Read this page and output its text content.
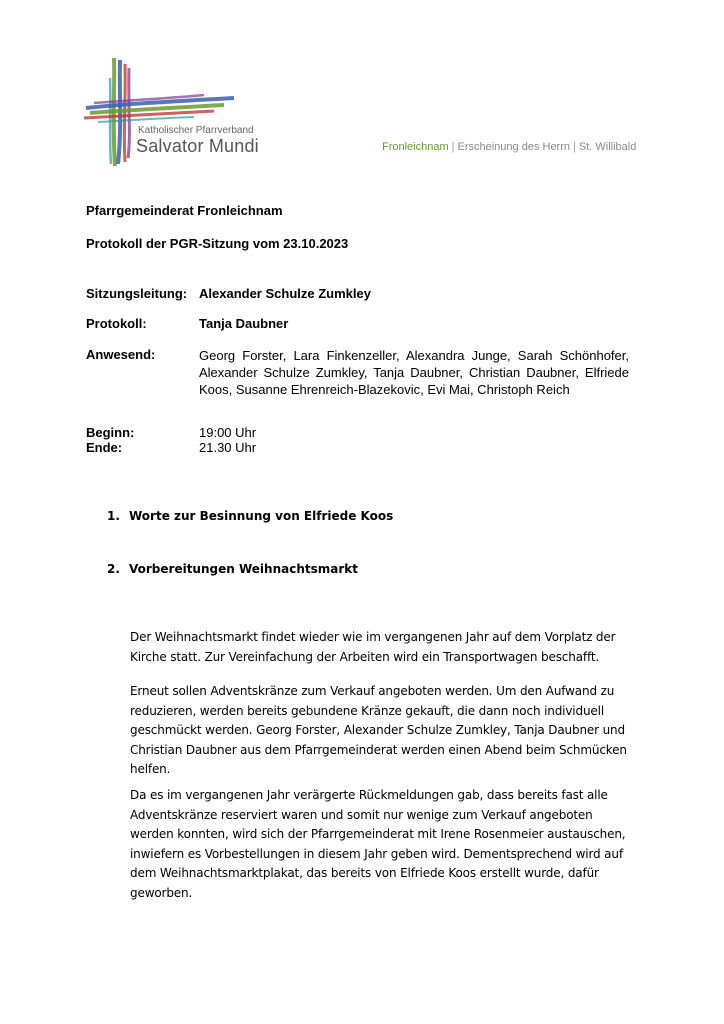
Katholischer Pfarrverband
Salvator Mundi	Fronleichnam | Erscheinung des Herrn | St. Willibald
Pfarrgemeinderat Fronleichnam
Protokoll der PGR-Sitzung vom 23.10.2023
Sitzungsleitung: Alexander Schulze Zumkley
Protokoll:	Tanja Daubner
Anwesend:	Georg Forster, Lara Finkenzeller, Alexandra Junge, Sarah Schönhofer, Alexander Schulze Zumkley, Tanja Daubner, Christian Daubner, Elfriede Koos, Susanne Ehrenreich-Blazekovic, Evi Mai, Christoph Reich
Beginn:	19:00 Uhr
Ende:	21.30 Uhr
1. Worte zur Besinnung von Elfriede Koos
2. Vorbereitungen Weihnachtsmarkt
Der Weihnachtsmarkt findet wieder wie im vergangenen Jahr auf dem Vorplatz der
Kirche statt. Zur Vereinfachung der Arbeiten wird ein Transportwagen beschafft.
Erneut sollen Adventskränze zum Verkauf angeboten werden. Um den Aufwand zu
reduzieren, werden bereits gebundene Kränze gekauft, die dann noch individuell
geschmückt werden. Georg Forster, Alexander Schulze Zumkley, Tanja Daubner und
Christian Daubner aus dem Pfarrgemeinderat werden einen Abend beim Schmücken
helfen.
Da es im vergangenen Jahr verärgerte Rückmeldungen gab, dass bereits fast alle
Adventskränze reserviert waren und somit nur wenige zum Verkauf angeboten
werden konnten, wird sich der Pfarrgemeinderat mit Irene Rosenmeier austauschen,
inwiefern es Vorbestellungen in diesem Jahr geben wird. Dementsprechend wird auf
dem Weihnachtsmarktplakat, das bereits von Elfriede Koos erstellt wurde, dafür
geworben.
